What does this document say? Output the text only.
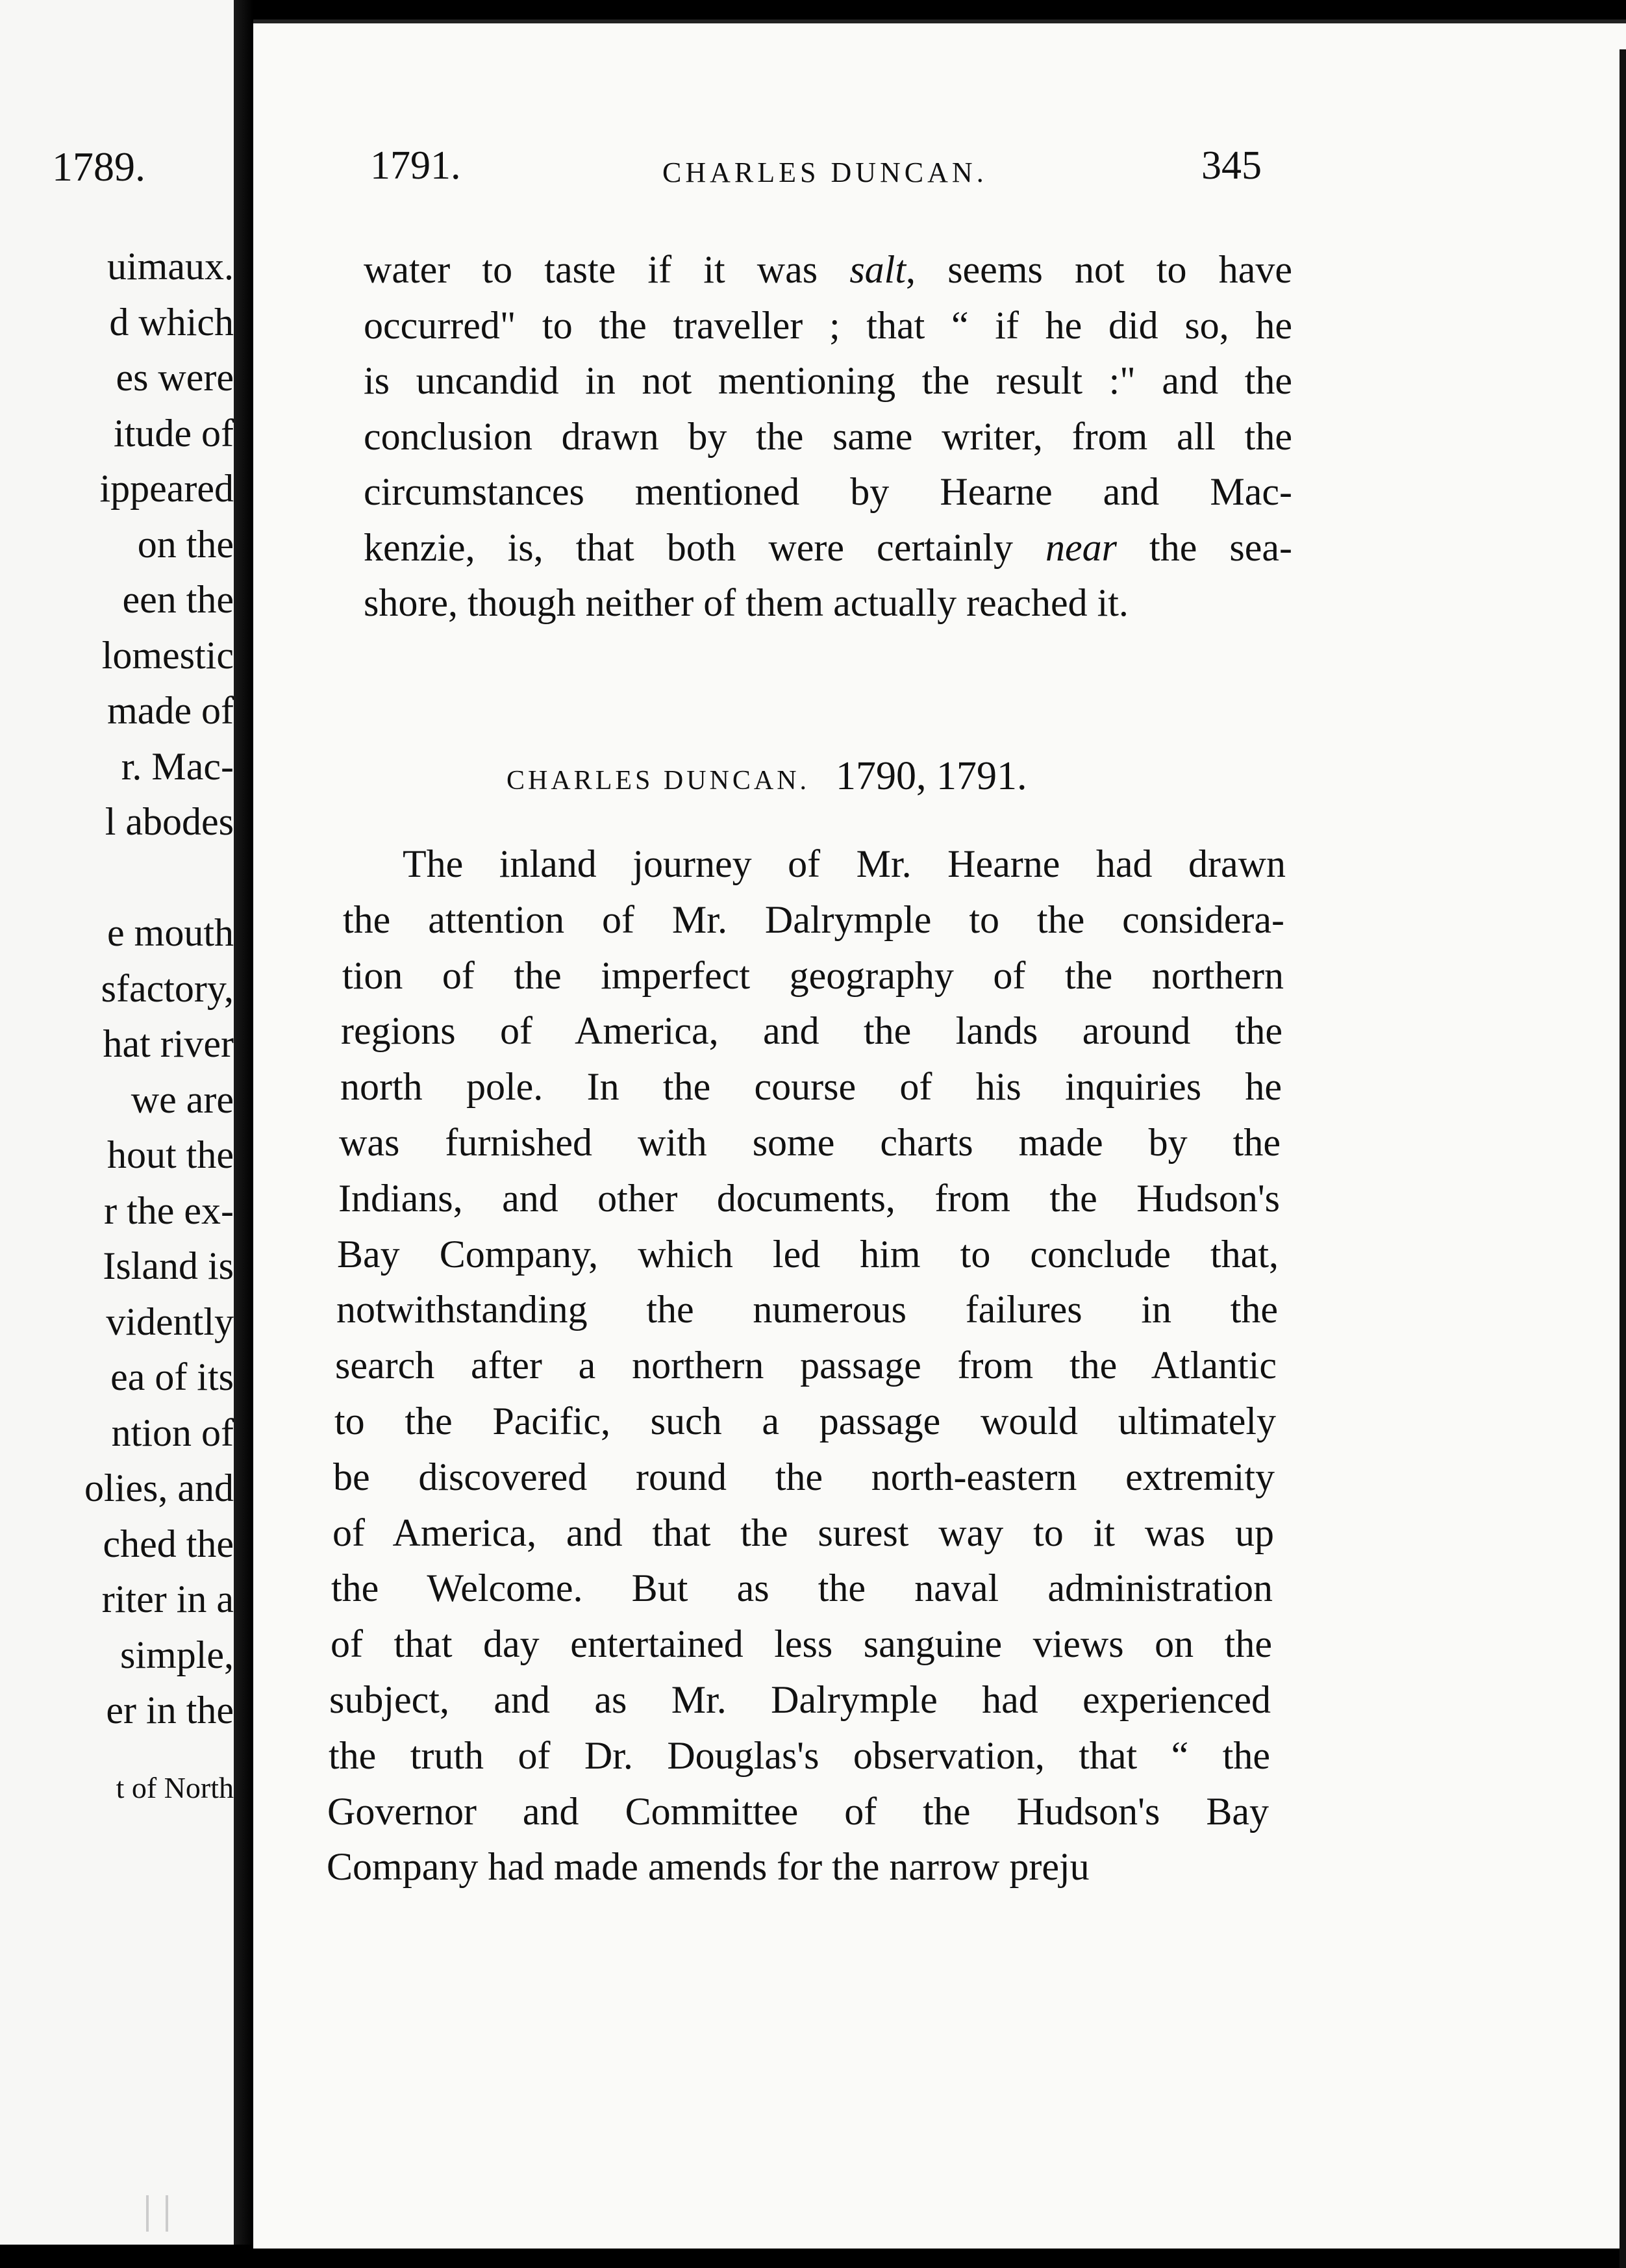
1789.
uimaux.
d which
es were
itude of
ippeared
on the
een the
lomestic
made of
r. Mac-
l abodes
e mouth
sfactory,
hat river
we are
hout the
r the ex-
Island is
vidently
ea of its
ntion of
olies, and
ched the
riter in a
simple,
er in the
t of North
1791.	CHARLES DUNCAN.	345
water to taste if it was salt, seems not to have
occurred" to the traveller ; that “ if he did so, he
is uncandid in not mentioning the result :" and the
conclusion drawn by the same writer, from all the
circumstances mentioned by Hearne and Mac-
kenzie, is, that both were certainly near the sea-
shore, though neither of them actually reached it.
CHARLES DUNCAN. 1790, 1791.
The inland journey of Mr. Hearne had drawn
the attention of Mr. Dalrymple to the considera-
tion of the imperfect geography of the northern
regions of America, and the lands around the
north pole. In the course of his inquiries he
was furnished with some charts made by the
Indians, and other documents, from the Hudson's
Bay Company, which led him to conclude that,
notwithstanding the numerous failures in the
search after a northern passage from the Atlantic
to the Pacific, such a passage would ultimately
be discovered round the north-eastern extremity
of America, and that the surest way to it was up
the Welcome. But as the naval administration
of that day entertained less sanguine views on the
subject, and as Mr. Dalrymple had experienced
the truth of Dr. Douglas's observation, that “ the
Governor and Committee of the Hudson's Bay
Company had made amends for the narrow preju
